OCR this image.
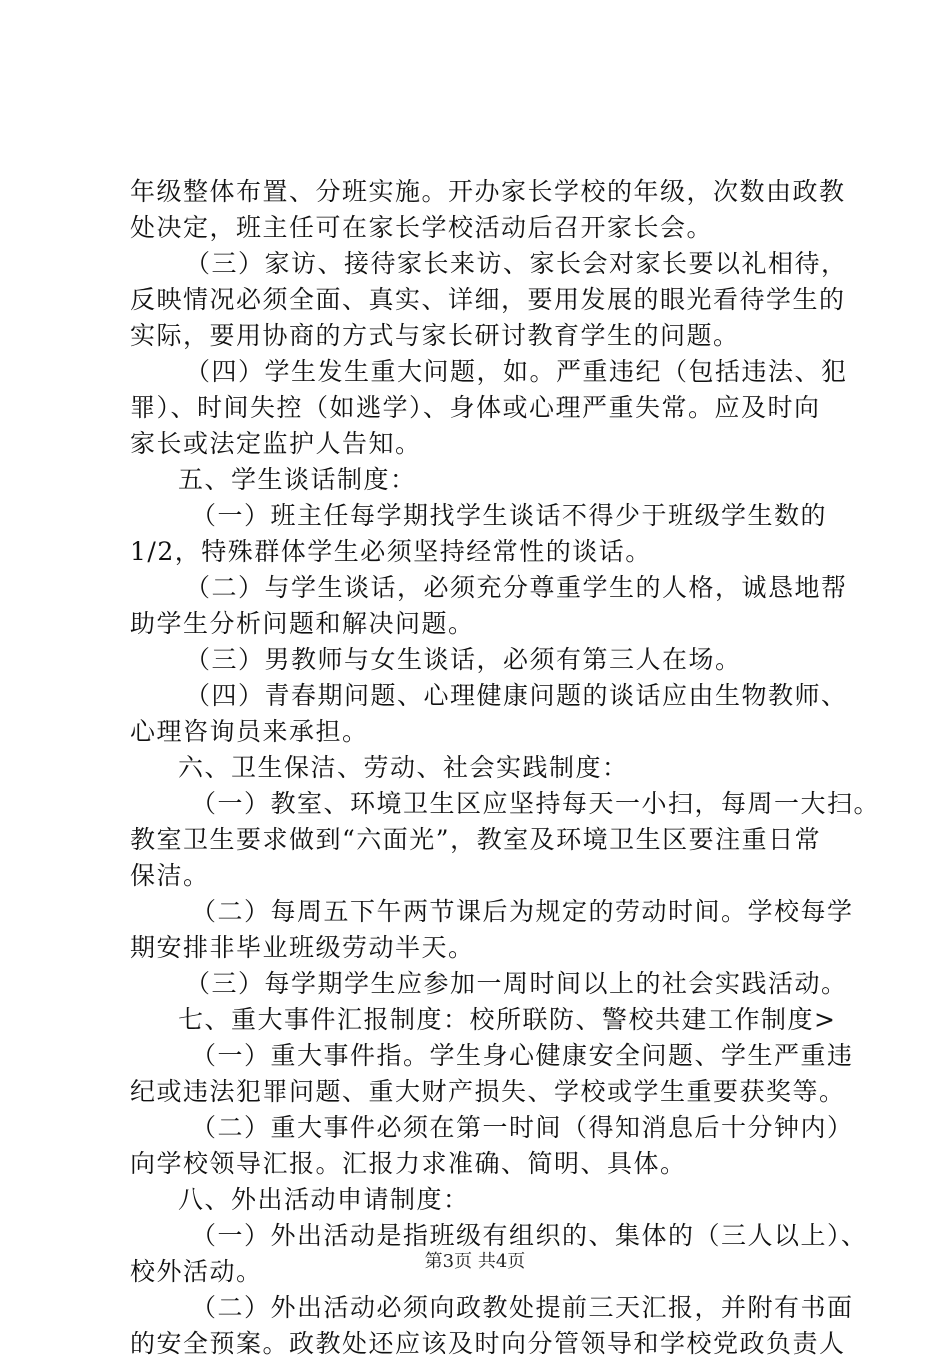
年级整体布置、分班实施。开办家长学校的年级，次数由政教
处决定，班主任可在家长学校活动后召开家长会。
（三）家访、接待家长来访、家长会对家长要以礼相待，
反映情况必须全面、真实、详细，要用发展的眼光看待学生的
实际，要用协商的方式与家长研讨教育学生的问题。
（四）学生发生重大问题，如。严重违纪（包括违法、犯
罪）、时间失控（如逃学）、身体或心理严重失常。应及时向
家长或法定监护人告知。
五、学生谈话制度：
（一）班主任每学期找学生谈话不得少于班级学生数的
1/2，特殊群体学生必须坚持经常性的谈话。
（二）与学生谈话，必须充分尊重学生的人格，诚恳地帮
助学生分析问题和解决问题。
（三）男教师与女生谈话，必须有第三人在场。
（四）青春期问题、心理健康问题的谈话应由生物教师、
心理咨询员来承担。
六、卫生保洁、劳动、社会实践制度：
（一）教室、环境卫生区应坚持每天一小扫，每周一大扫。
教室卫生要求做到“六面光”，教室及环境卫生区要注重日常
保洁。
（二）每周五下午两节课后为规定的劳动时间。学校每学
期安排非毕业班级劳动半天。
（三）每学期学生应参加一周时间以上的社会实践活动。
七、重大事件汇报制度：校所联防、警校共建工作制度>
（一）重大事件指。学生身心健康安全问题、学生严重违
纪或违法犯罪问题、重大财产损失、学校或学生重要获奖等。
（二）重大事件必须在第一时间（得知消息后十分钟内）
向学校领导汇报。汇报力求准确、简明、具体。
八、外出活动申请制度：
（一）外出活动是指班级有组织的、集体的（三人以上）、
校外活动。
（二）外出活动必须向政教处提前三天汇报，并附有书面
的安全预案。政教处还应该及时向分管领导和学校党政负责人
第3页 共4页
